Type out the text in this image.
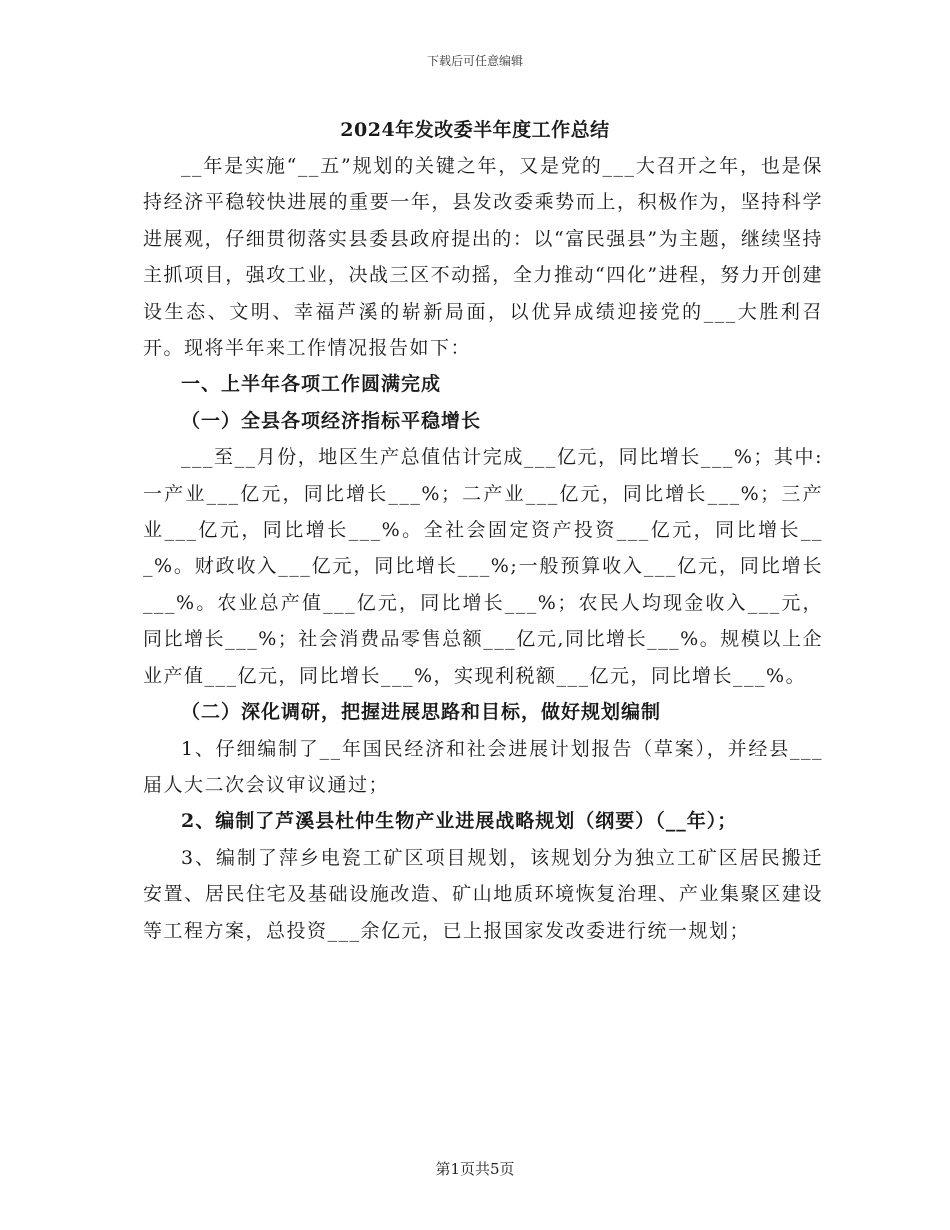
下载后可任意编辑
2024年发改委半年度工作总结

__年是实施“__五”规划的关键之年，又是党的___大召开之年，也是保持经济平稳较快进展的重要一年，县发改委乘势而上，积极作为，坚持科学进展观，仔细贯彻落实县委县政府提出的：以“富民强县”为主题，继续坚持主抓项目，强攻工业，决战三区不动摇，全力推动“四化”进程，努力开创建设生态、文明、幸福芦溪的崭新局面，以优异成绩迎接党的___大胜利召开。现将半年来工作情况报告如下：

一、上半年各项工作圆满完成

（一）全县各项经济指标平稳增长

___至__月份，地区生产总值估计完成___亿元，同比增长___%；其中:一产业___亿元，同比增长___%；二产业___亿元，同比增长___%；三产业___亿元，同比增长___%。全社会固定资产投资___亿元，同比增长___%。财政收入___亿元，同比增长___%;一般预算收入___亿元，同比增长___%。农业总产值___亿元，同比增长___%；农民人均现金收入___元，同比增长___%；社会消费品零售总额___亿元,同比增长___%。规模以上企业产值___亿元，同比增长___%，实现利税额___亿元，同比增长___%。

（二）深化调研，把握进展思路和目标，做好规划编制

1、仔细编制了__年国民经济和社会进展计划报告（草案），并经县___届人大二次会议审议通过；

2、编制了芦溪县杜仲生物产业进展战略规划（纲要）（__年）；

3、编制了萍乡电瓷工矿区项目规划，该规划分为独立工矿区居民搬迁安置、居民住宅及基础设施改造、矿山地质环境恢复治理、产业集聚区建设等工程方案，总投资___余亿元，已上报国家发改委进行统一规划；

第1页共5页
